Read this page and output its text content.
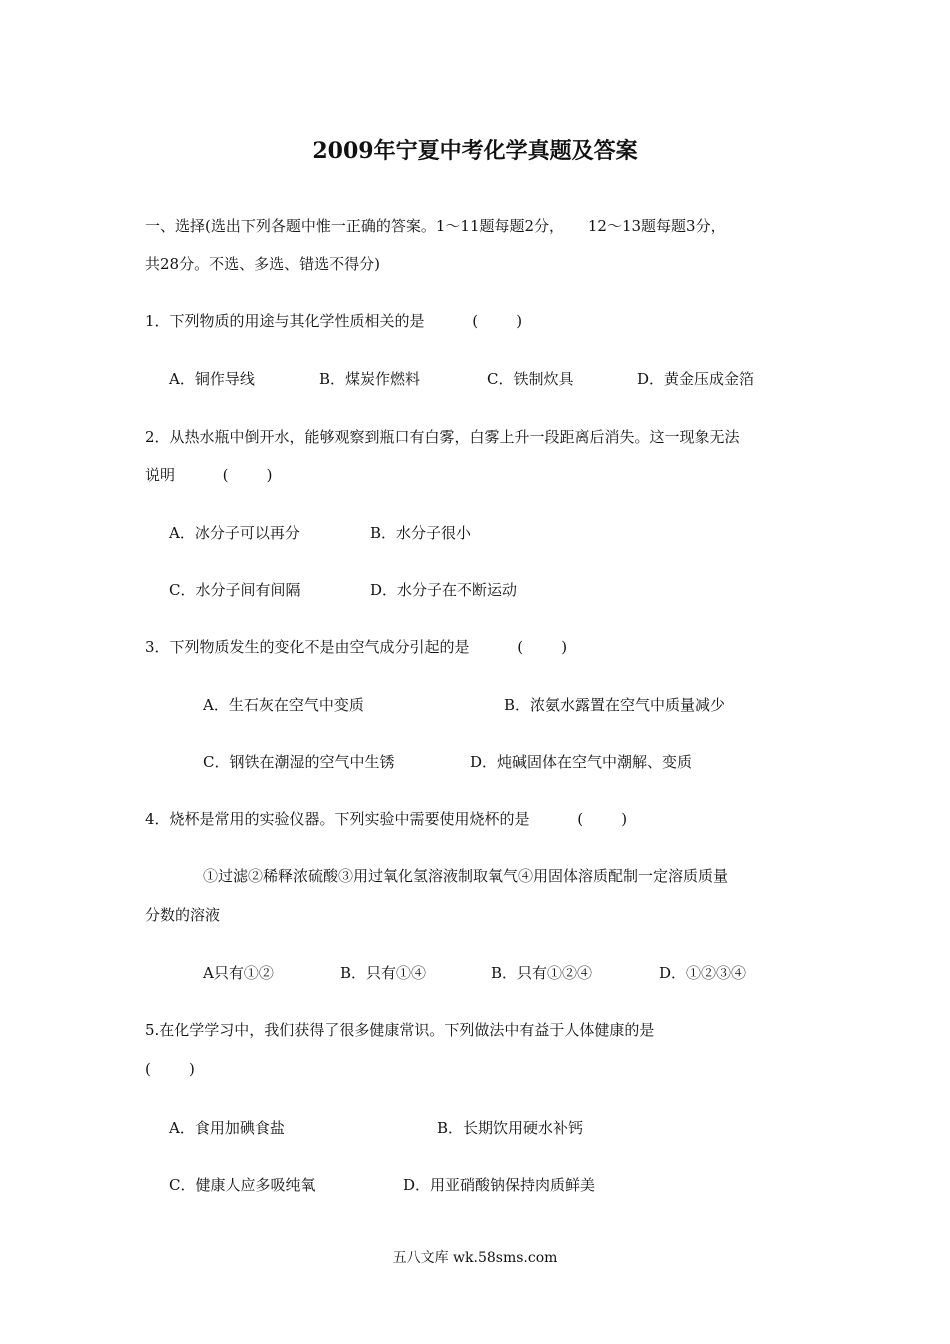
2009年宁夏中考化学真题及答案
一、选择(选出下列各题中惟一正确的答案。1～11题每题2分，     12～13题每题3分，
共28分。不选、多选、错选不得分)
1．下列物质的用途与其化学性质相关的是          (        )
A．铜作导线	B．煤炭作燃料	C．铁制炊具	D．黄金压成金箔
2．从热水瓶中倒开水，能够观察到瓶口有白雾，白雾上升一段距离后消失。这一现象无法
说明          (        )
A．冰分子可以再分	B．水分子很小
C．水分子间有间隔	D．水分子在不断运动
3．下列物质发生的变化不是由空气成分引起的是          (        )
A．生石灰在空气中变质	B．浓氨水露置在空气中质量减少
C．钢铁在潮湿的空气中生锈	D．炖碱固体在空气中潮解、变质
4．烧杯是常用的实验仪器。下列实验中需要使用烧杯的是          (        )
①过滤②稀释浓硫酸③用过氧化氢溶液制取氧气④用固体溶质配制一定溶质质量
分数的溶液
A只有①②	B．只有①④	B．只有①②④	D．①②③④
5.在化学学习中，我们获得了很多健康常识。下列做法中有益于人体健康的是
(        )
A．食用加碘食盐	B．长期饮用硬水补钙
C．健康人应多吸纯氧	D．用亚硝酸钠保持肉质鲜美
五八文库 wk.58sms.com
